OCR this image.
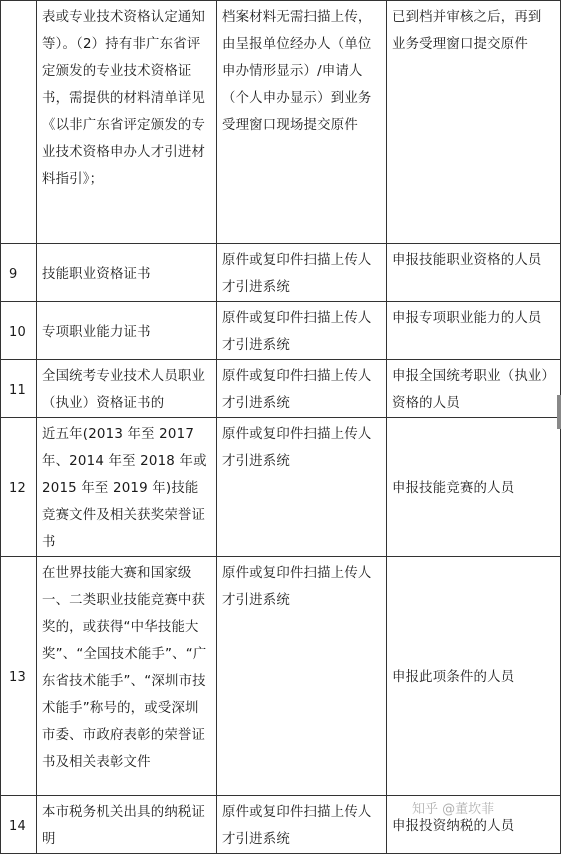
	表或专业技术资格认定通知等）。（2）持有非广东省评定颁发的专业技术资格证书，需提供的材料清单详见《以非广东省评定颁发的专业技术资格申办人才引进材料指引》；	档案材料无需扫描上传，由呈报单位经办人（单位申办情形显示）/申请人（个人申办显示）到业务受理窗口现场提交原件	已到档并审核之后，再到业务受理窗口提交原件
9	技能职业资格证书	原件或复印件扫描上传人才引进系统	申报技能职业资格的人员
10	专项职业能力证书	原件或复印件扫描上传人才引进系统	申报专项职业能力的人员
11	全国统考专业技术人员职业（执业）资格证书的	原件或复印件扫描上传人才引进系统	申报全国统考职业（执业）资格的人员
12	近五年(2013 年至 2017 年、2014 年至 2018 年或 2015 年至 2019 年)技能竞赛文件及相关获奖荣誉证书	原件或复印件扫描上传人才引进系统	申报技能竞赛的人员
13	在世界技能大赛和国家级一、二类职业技能竞赛中获奖的，或获得“中华技能大奖”、“全国技术能手”、“广东省技术能手”、“深圳市技术能手”称号的，或受深圳市委、市政府表彰的荣誉证书及相关表彰文件	原件或复印件扫描上传人才引进系统	申报此项条件的人员
14	本市税务机关出具的纳税证明	原件或复印件扫描上传人才引进系统	申报投资纳税的人员
知乎 @董坎菲
